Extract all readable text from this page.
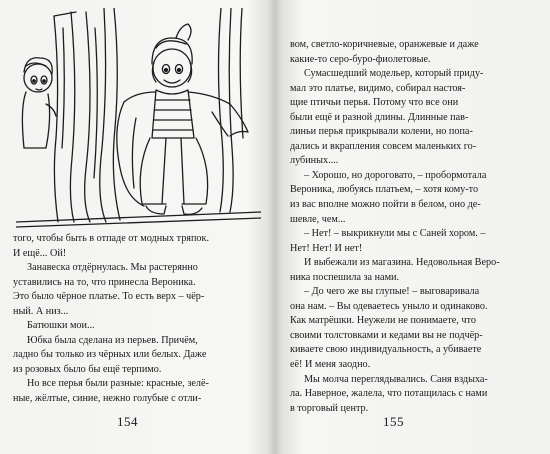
того, чтобы быть в отпаде от модных тряпок.
И ещё... Ой!
Занавеска отдёрнулась. Мы растерянно
уставились на то, что принесла Вероника.
Это было чёрное платье. То есть верх – чёр-
ный. А низ...
Батюшки мои...
Юбка была сделана из перьев. Причём,
ладно бы только из чёрных или белых. Даже
из розовых было бы ещё терпимо.
Но все перья были разные: красные, зелё-
ные, жёлтые, синие, нежно голубые с отли-
154
вом, светло-коричневые, оранжевые и даже
какие-то серо-буро-фиолетовые.
Сумасшедший модельер, который приду-
мал это платье, видимо, собирал настоя-
щие птичьи перья. Потому что все они
были ещё и разной длины. Длинные пав-
линьи перья прикрывали колени, но попа-
дались и вкрапления совсем маленьких го-
лубиных....
– Хорошо, но дороговато, – пробормотала
Вероника, любуясь платьем, – хотя кому-то
из вас вполне можно пойти в белом, оно де-
шевле, чем...
– Нет! – выкрикнули мы с Саней хором. –
Нет! Нет! И нет!
И выбежали из магазина. Недовольная Веро-
ника поспешила за нами.
– До чего же вы глупые! – выговаривала
она нам. – Вы одеваетесь уныло и одинаково.
Как матрёшки. Неужели не понимаете, что
своими толстовками и кедами вы не подчёр-
киваете свою индивидуальность, а убиваете
её! И меня заодно.
Мы молча переглядывались. Саня вздыха-
ла. Наверное, жалела, что потащилась с нами
в торговый центр.
155
